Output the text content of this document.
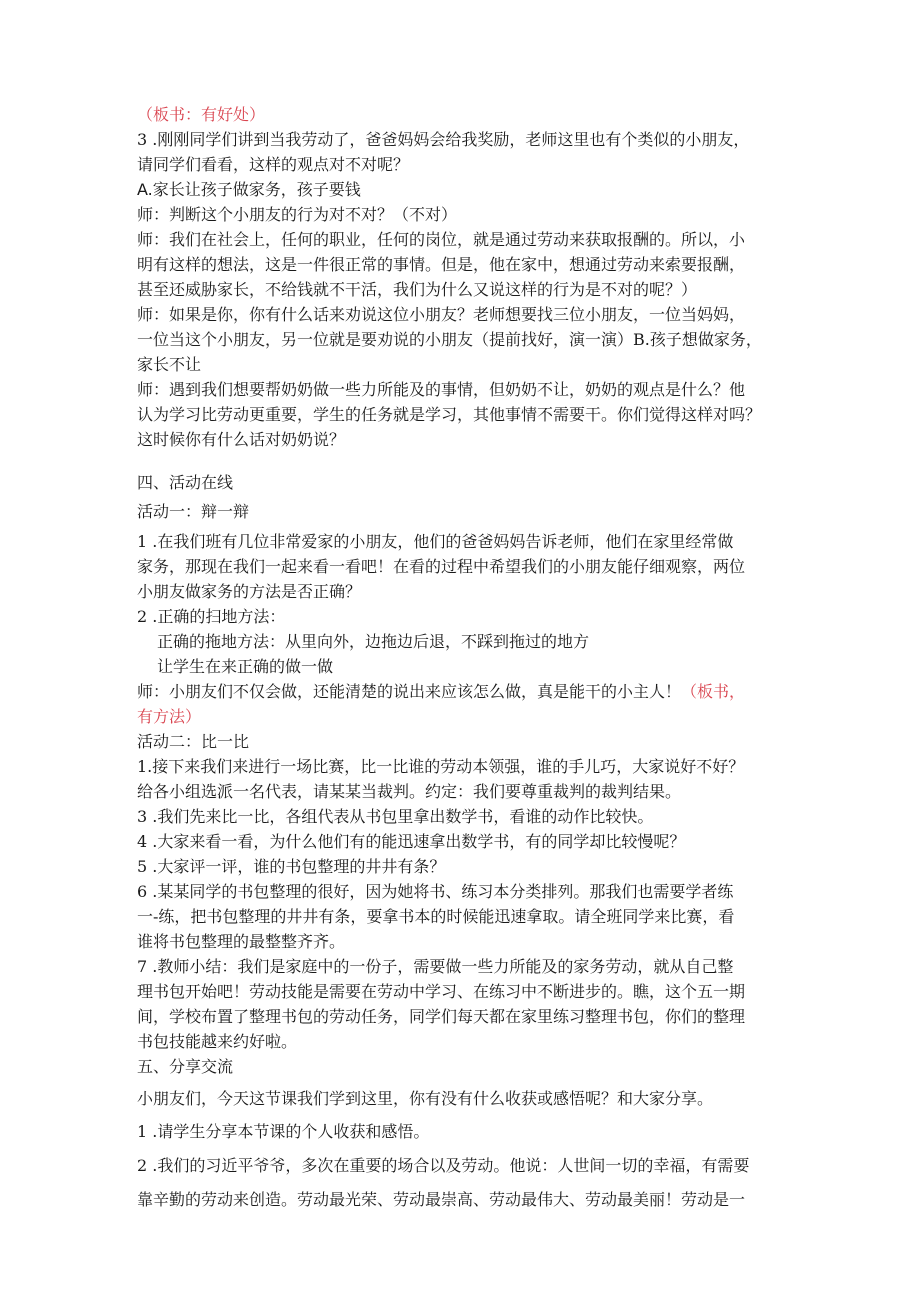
（板书：有好处）
3 .刚刚同学们讲到当我劳动了，爸爸妈妈会给我奖励，老师这里也有个类似的小朋友，
请同学们看看，这样的观点对不对呢？
A.家长让孩子做家务，孩子要钱
师：判断这个小朋友的行为对不对？（不对）
师：我们在社会上，任何的职业，任何的岗位，就是通过劳动来获取报酬的。所以，小
明有这样的想法，这是一件很正常的事情。但是，他在家中，想通过劳动来索要报酬，
甚至还威胁家长，不给钱就不干活，我们为什么又说这样的行为是不对的呢？）
师：如果是你，你有什么话来劝说这位小朋友？老师想要找三位小朋友，一位当妈妈，
一位当这个小朋友，另一位就是要劝说的小朋友（提前找好，演一演）B.孩子想做家务，
家长不让
师：遇到我们想要帮奶奶做一些力所能及的事情，但奶奶不让，奶奶的观点是什么？他
认为学习比劳动更重要，学生的任务就是学习，其他事情不需要干。你们觉得这样对吗？
这时候你有什么话对奶奶说？
四、活动在线
活动一：辩一辩
1 .在我们班有几位非常爱家的小朋友，他们的爸爸妈妈告诉老师，他们在家里经常做
家务，那现在我们一起来看一看吧！在看的过程中希望我们的小朋友能仔细观察，两位
小朋友做家务的方法是否正确？
2 .正确的扫地方法：
正确的拖地方法：从里向外，边拖边后退，不踩到拖过的地方
让学生在来正确的做一做
师：小朋友们不仅会做，还能清楚的说出来应该怎么做，真是能干的小主人！（板书，
有方法）
活动二：比一比
1.接下来我们来进行一场比赛，比一比谁的劳动本领强，谁的手儿巧，大家说好不好？
给各小组选派一名代表，请某某当裁判。约定：我们要尊重裁判的裁判结果。
3 .我们先来比一比，各组代表从书包里拿出数学书，看谁的动作比较快。
4 .大家来看一看，为什么他们有的能迅速拿出数学书，有的同学却比较慢呢？
5 .大家评一评，谁的书包整理的井井有条？
6 .某某同学的书包整理的很好，因为她将书、练习本分类排列。那我们也需要学者练
一-练，把书包整理的井井有条，要拿书本的时候能迅速拿取。请全班同学来比赛，看
谁将书包整理的最整整齐齐。
7 .教师小结：我们是家庭中的一份子，需要做一些力所能及的家务劳动，就从自己整
理书包开始吧！劳动技能是需要在劳动中学习、在练习中不断进步的。瞧，这个五一期
间，学校布置了整理书包的劳动任务，同学们每天都在家里练习整理书包，你们的整理
书包技能越来约好啦。
五、分享交流
小朋友们，今天这节课我们学到这里，你有没有什么收获或感悟呢？和大家分享。
1 .请学生分享本节课的个人收获和感悟。
2 .我们的习近平爷爷，多次在重要的场合以及劳动。他说：人世间一切的幸福，有需要
靠辛勤的劳动来创造。劳动最光荣、劳动最崇高、劳动最伟大、劳动最美丽！劳动是一
